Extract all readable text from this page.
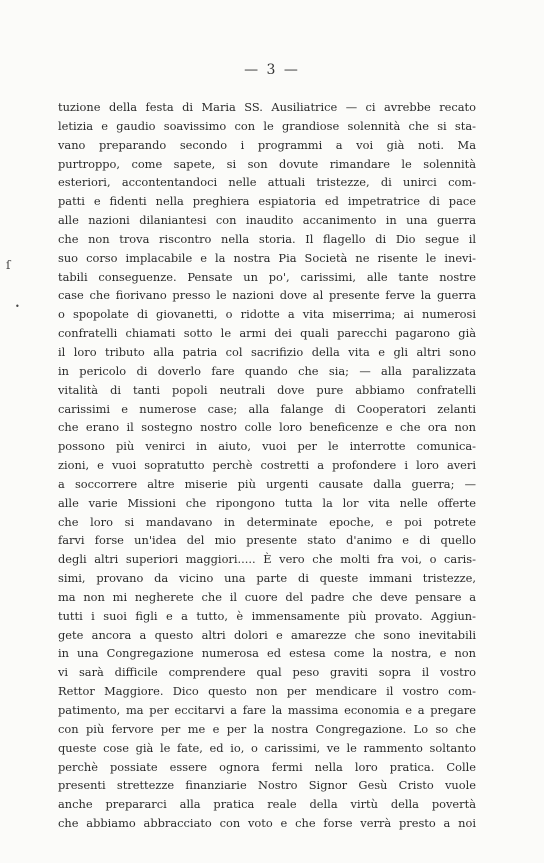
— 3 —
ſ
•
tuzione della festa di Maria SS. Ausiliatrice — ci avrebbe recato
letizia e gaudio soavissimo con le grandiose solennità che si sta-
vano preparando secondo i programmi a voi già noti. Ma
purtroppo, come sapete, si son dovute rimandare le solennità
esteriori, accontentandoci nelle attuali tristezze, di unirci com-
patti e fidenti nella preghiera espiatoria ed impetratrice di pace
alle nazioni dilaniantesi con inaudito accanimento in una guerra
che non trova riscontro nella storia. Il flagello di Dio segue il
suo corso implacabile e la nostra Pia Società ne risente le inevi-
tabili conseguenze. Pensate un po', carissimi, alle tante nostre
case che fiorivano presso le nazioni dove al presente ferve la guerra
o spopolate di giovanetti, o ridotte a vita miserrima; ai numerosi
confratelli chiamati sotto le armi dei quali parecchi pagarono già
il loro tributo alla patria col sacrifizio della vita e gli altri sono
in pericolo di doverlo fare quando che sia; — alla paralizzata
vitalità di tanti popoli neutrali dove pure abbiamo confratelli
carissimi e numerose case; alla falange di Cooperatori zelanti
che erano il sostegno nostro colle loro beneficenze e che ora non
possono più venirci in aiuto, vuoi per le interrotte comunica-
zioni, e vuoi sopratutto perchè costretti a profondere i loro averi
a soccorrere altre miserie più urgenti causate dalla guerra; —
alle varie Missioni che ripongono tutta la lor vita nelle offerte
che loro si mandavano in determinate epoche, e poi potrete
farvi forse un'idea del mio presente stato d'animo e di quello
degli altri superiori maggiori..... È vero che molti fra voi, o caris-
simi, provano da vicino una parte di queste immani tristezze,
ma non mi negherete che il cuore del padre che deve pensare a
tutti i suoi figli e a tutto, è immensamente più provato. Aggiun-
gete ancora a questo altri dolori e amarezze che sono inevitabili
in una Congregazione numerosa ed estesa come la nostra, e non
vi sarà difficile comprendere qual peso graviti sopra il vostro
Rettor Maggiore. Dico questo non per mendicare il vostro com-
patimento, ma per eccitarvi a fare la massima economia e a pregare
con più fervore per me e per la nostra Congregazione. Lo so che
queste cose già le fate, ed io, o carissimi, ve le rammento soltanto
perchè possiate essere ognora fermi nella loro pratica. Colle
presenti strettezze finanziarie Nostro Signor Gesù Cristo vuole
anche prepararci alla pratica reale della virtù della povertà
che abbiamo abbracciato con voto e che forse verrà presto a noi
